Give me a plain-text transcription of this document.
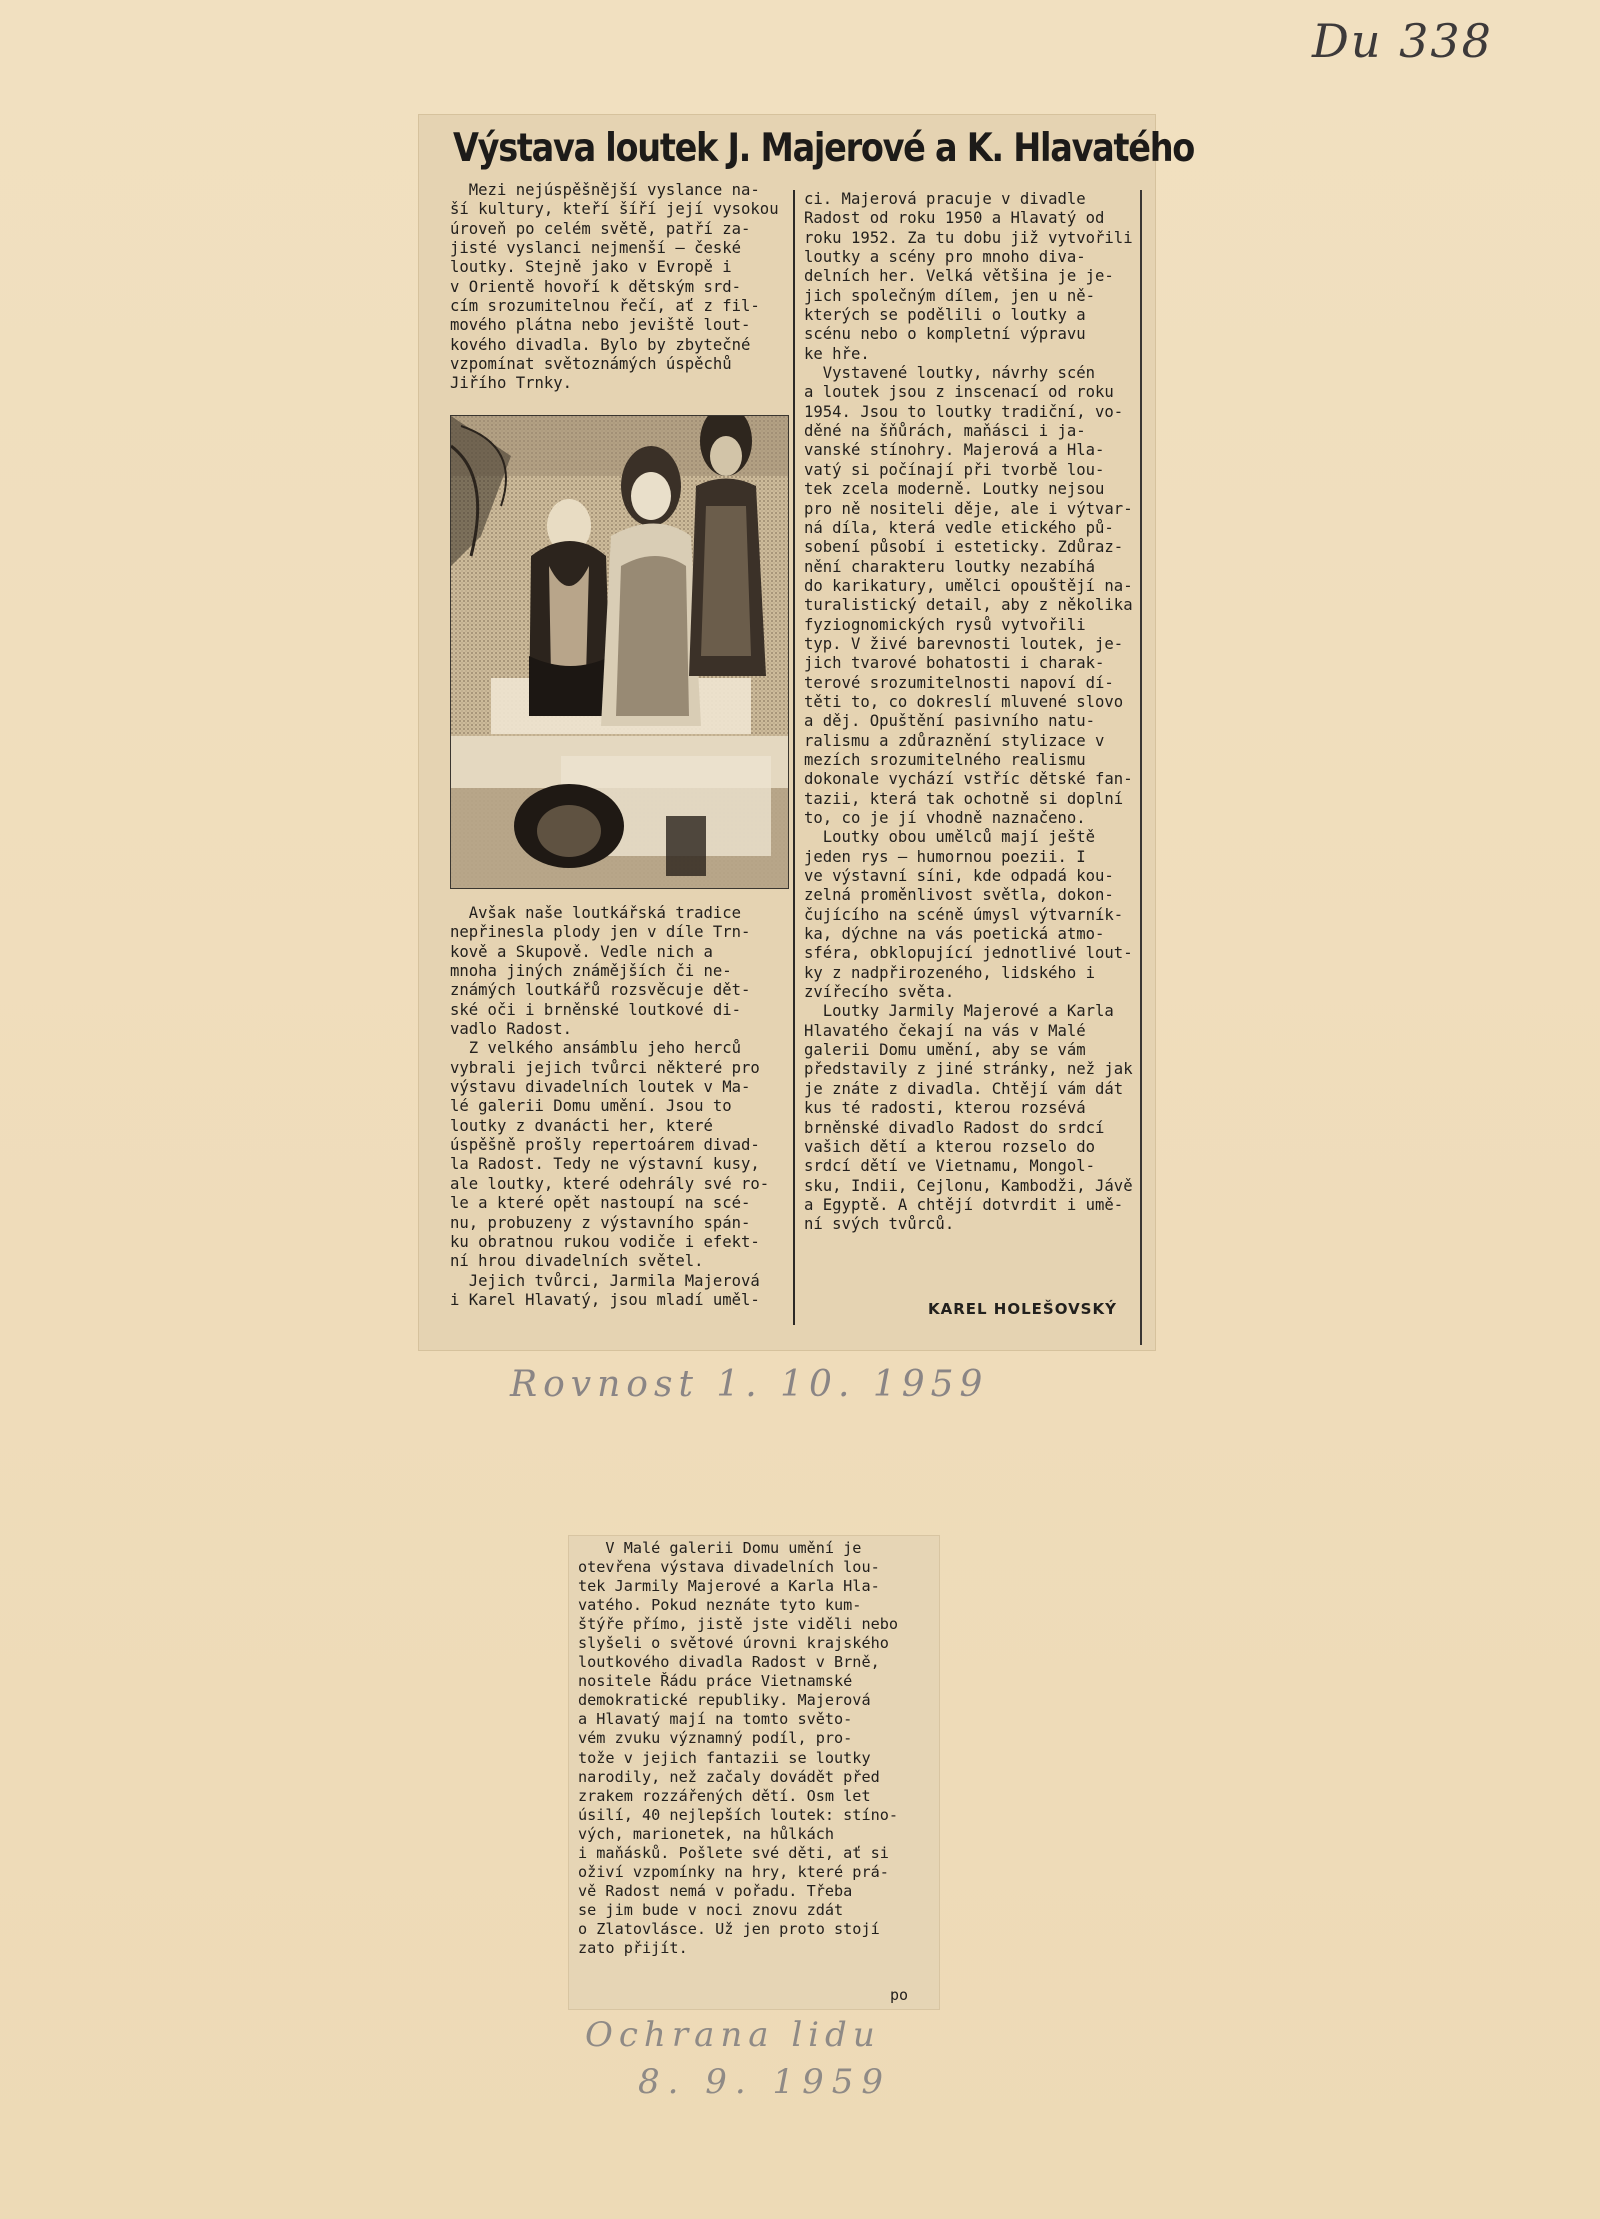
Du 338
Výstava loutek J. Majerové a K. Hlavatého

Mezi nejúspěšnější vyslance na-

ší kultury, kteří šíří její vysokou

úroveň po celém světě, patří za-

jisté vyslanci nejmenší — české

loutky. Stejně jako v Evropě i

v Orientě hovoří k dětským srd-

cím srozumitelnou řečí, ať z fil-

mového plátna nebo jeviště lout-

kového divadla. Bylo by zbytečné

vzpomínat světoznámých úspěchů

Jiřího Trnky.

Avšak naše loutkářská tradice

nepřinesla plody jen v díle Trn-

kově a Skupově. Vedle nich a

mnoha jiných známějších či ne-

známých loutkářů rozsvěcuje dět-

ské oči i brněnské loutkové di-

vadlo Radost.

Z velkého ansámblu jeho herců

vybrali jejich tvůrci některé pro

výstavu divadelních loutek v Ma-

lé galerii Domu umění. Jsou to

loutky z dvanácti her, které

úspěšně prošly repertoárem divad-

la Radost. Tedy ne výstavní kusy,

ale loutky, které odehrály své ro-

le a které opět nastoupí na scé-

nu, probuzeny z výstavního spán-

ku obratnou rukou vodiče i efekt-

ní hrou divadelních světel.

Jejich tvůrci, Jarmila Majerová

i Karel Hlavatý, jsou mladí uměl-

ci. Majerová pracuje v divadle

Radost od roku 1950 a Hlavatý od

roku 1952. Za tu dobu již vytvořili

loutky a scény pro mnoho diva-

delních her. Velká většina je je-

jich společným dílem, jen u ně-

kterých se podělili o loutky a

scénu nebo o kompletní výpravu

ke hře.

Vystavené loutky, návrhy scén

a loutek jsou z inscenací od roku

1954. Jsou to loutky tradiční, vo-

děné na šňůrách, maňásci i ja-

vanské stínohry. Majerová a Hla-

vatý si počínají při tvorbě lou-

tek zcela moderně. Loutky nejsou

pro ně nositeli děje, ale i výtvar-

ná díla, která vedle etického pů-

sobení působí i esteticky. Zdůraz-

nění charakteru loutky nezabíhá

do karikatury, umělci opouštějí na-

turalistický detail, aby z několika

fyziognomických rysů vytvořili

typ. V živé barevnosti loutek, je-

jich tvarové bohatosti i charak-

terové srozumitelnosti napoví dí-

těti to, co dokreslí mluvené slovo

a děj. Opuštění pasivního natu-

ralismu a zdůraznění stylizace v

mezích srozumitelného realismu

dokonale vychází vstříc dětské fan-

tazii, která tak ochotně si doplní

to, co je jí vhodně naznačeno.

Loutky obou umělců mají ještě

jeden rys — humornou poezii. I

ve výstavní síni, kde odpadá kou-

zelná proměnlivost světla, dokon-

čujícího na scéně úmysl výtvarník-

ka, dýchne na vás poetická atmo-

sféra, obklopující jednotlivé lout-

ky z nadpřirozeného, lidského i

zvířecího světa.

Loutky Jarmily Majerové a Karla

Hlavatého čekají na vás v Malé

galerii Domu umění, aby se vám

představily z jiné stránky, než jak

je znáte z divadla. Chtějí vám dát

kus té radosti, kterou rozsévá

brněnské divadlo Radost do srdcí

vašich dětí a kterou rozselo do

srdcí dětí ve Vietnamu, Mongol-

sku, Indii, Cejlonu, Kambodži, Jávě

a Egyptě. A chtějí dotvrdit i umě-

ní svých tvůrců.

KAREL HOLEŠOVSKÝ
Rovnost 1. 10. 1959

V Malé galerii Domu umění je

otevřena výstava divadelních lou-

tek Jarmily Majerové a Karla Hla-

vatého. Pokud neznáte tyto kum-

štýře přímo, jistě jste viděli nebo

slyšeli o světové úrovni krajského

loutkového divadla Radost v Brně,

nositele Řádu práce Vietnamské

demokratické republiky. Majerová

a Hlavatý mají na tomto světo-

vém zvuku významný podíl, pro-

tože v jejich fantazii se loutky

narodily, než začaly dovádět před

zrakem rozzářených dětí. Osm let

úsilí, 40 nejlepších loutek: stíno-

vých, marionetek, na hůlkách

i maňásků. Pošlete své děti, ať si

oživí vzpomínky na hry, které prá-

vě Radost nemá v pořadu. Třeba

se jim bude v noci znovu zdát

o Zlatovlásce. Už jen proto stojí

zato přijít.

po
Ochrana lidu
8. 9. 1959
